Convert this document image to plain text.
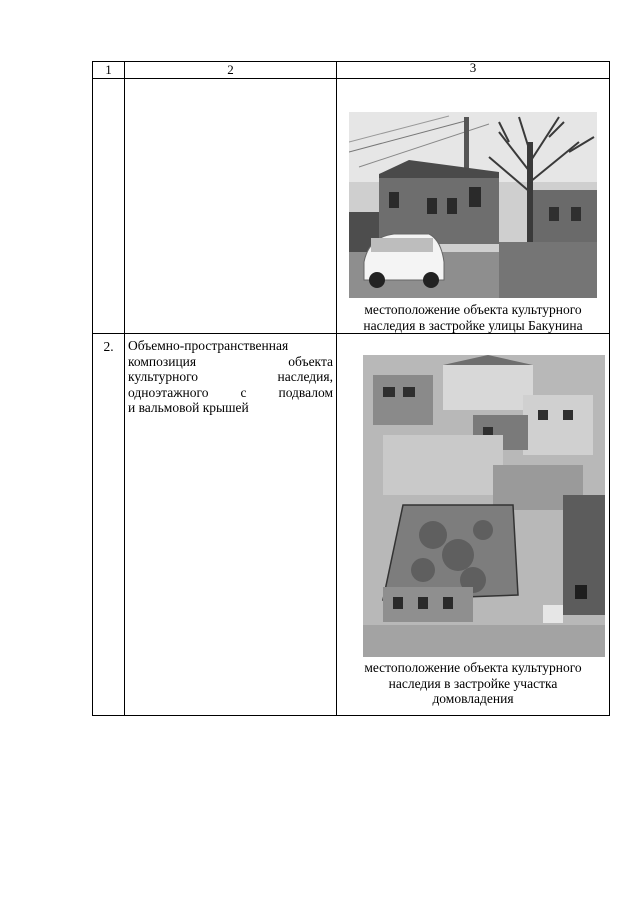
1	2	3

		местоположение объекта культурного
наследия в застройке улицы Бакунина

2.	Объемно-пространственная
композиция объекта
культурного наследия,
одноэтажного с подвалом
и вальмовой крышей	местоположение объекта культурного
наследия в застройке участка
домовладения
